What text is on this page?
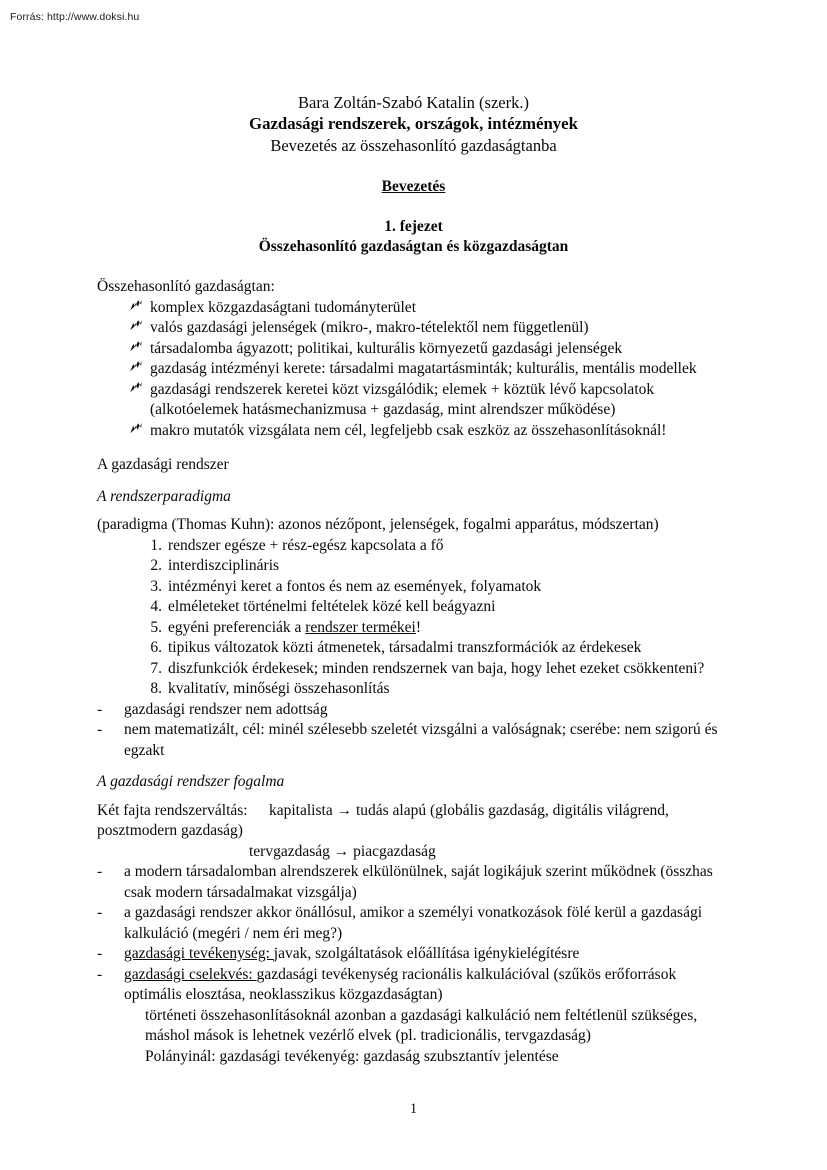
Forrás: http://www.doksi.hu
Bara Zoltán-Szabó Katalin (szerk.)
Gazdasági rendszerek, országok, intézmények
Bevezetés az összehasonlító gazdaságtanba
Bevezetés
1. fejezet
Összehasonlító gazdaságtan és közgazdaságtan
Összehasonlító gazdaságtan:
komplex közgazdaságtani tudományterület
valós gazdasági jelenségek (mikro-, makro-tételektől nem függetlenül)
társadalomba ágyazott; politikai, kulturális környezetű gazdasági jelenségek
gazdaság intézményi kerete: társadalmi magatartásminták; kulturális, mentális modellek
gazdasági rendszerek keretei közt vizsgálódik; elemek + köztük lévő kapcsolatok (alkotóelemek hatásmechanizmusa + gazdaság, mint alrendszer működése)
makro mutatók vizsgálata nem cél, legfeljebb csak eszköz az összehasonlításoknál!
A gazdasági rendszer
A rendszerparadigma
(paradigma (Thomas Kuhn): azonos nézőpont, jelenségek, fogalmi apparátus, módszertan)
1. rendszer egésze + rész-egész kapcsolata a fő
2. interdiszciplináris
3. intézményi keret a fontos és nem az események, folyamatok
4. elméleteket történelmi feltételek közé kell beágyazni
5. egyéni preferenciák a rendszer termékei!
6. tipikus változatok közti átmenetek, társadalmi transzformációk az érdekesek
7. diszfunkciók érdekesek; minden rendszernek van baja, hogy lehet ezeket csökkenteni?
8. kvalitatív, minőségi összehasonlítás
- gazdasági rendszer nem adottság
- nem matematizált, cél: minél szélesebb szeletét vizsgálni a valóságnak; cserébe: nem szigorú és egzakt
A gazdasági rendszer fogalma
Két fajta rendszerváltás: kapitalista → tudás alapú (globális gazdaság, digitális világrend, posztmodern gazdaság)
tervgazdaság → piacgazdaság
- a modern társadalomban alrendszerek elkülönülnek, saját logikájuk szerint működnek (összhas csak modern társadalmakat vizsgálja)
- a gazdasági rendszer akkor önállósul, amikor a személyi vonatkozások fölé kerül a gazdasági kalkuláció (megéri / nem éri meg?)
- gazdasági tevékenység: javak, szolgáltatások előállítása igénykielégítésre
- gazdasági cselekvés: gazdasági tevékenység racionális kalkulációval (szűkös erőforrások optimális elosztása, neoklasszikus közgazdaságtan)
történeti összehasonlításoknál azonban a gazdasági kalkuláció nem feltétlenül szükséges, máshol mások is lehetnek vezérlő elvek (pl. tradicionális, tervgazdaság)
Polányinál: gazdasági tevékenyég: gazdaság szubsztantív jelentése
1
